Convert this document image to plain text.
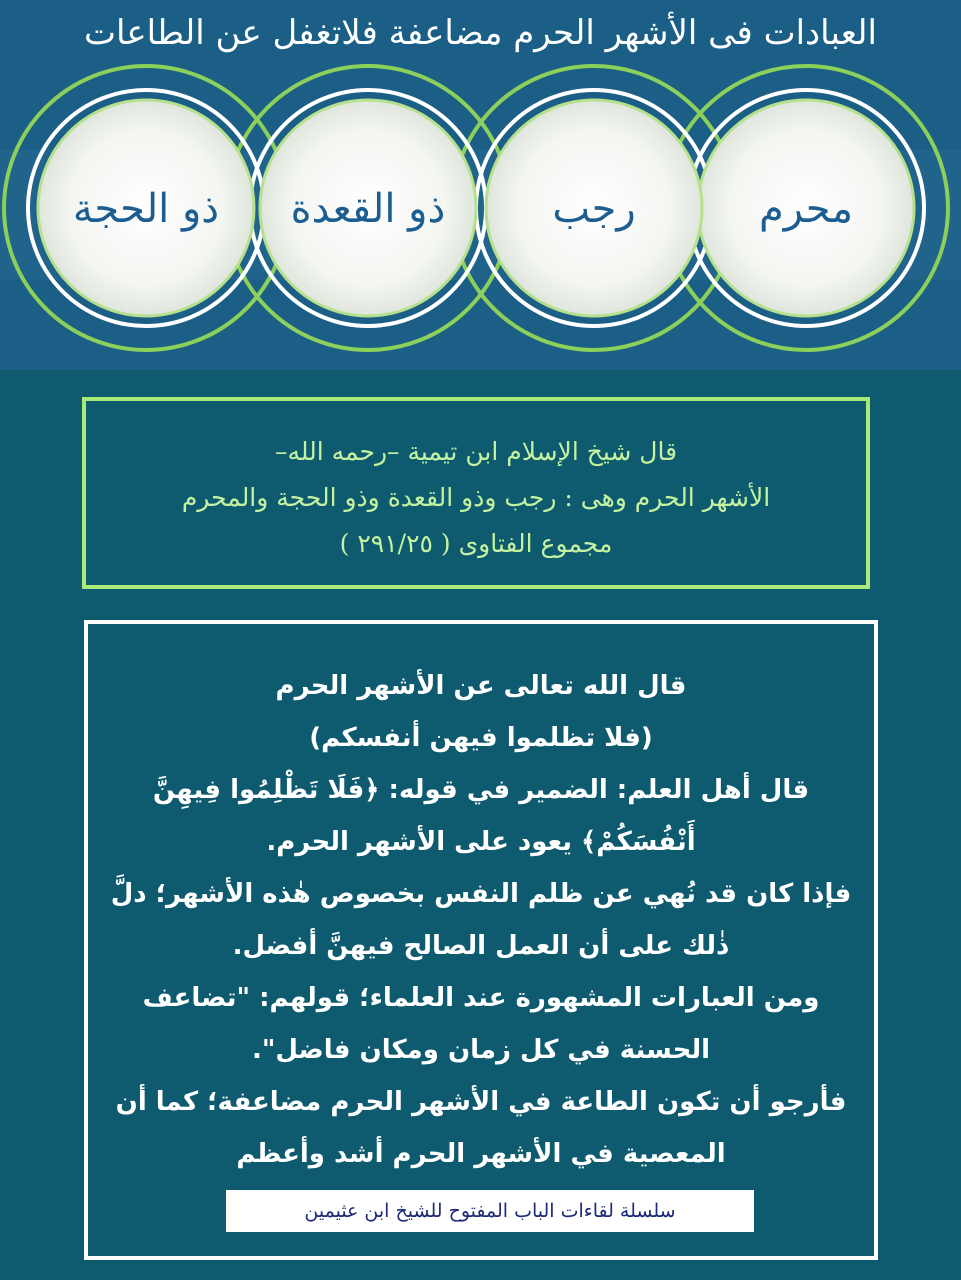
محرم
رجب
ذو القعدة
ذو الحجة
العبادات فى الأشهر الحرم مضاعفة فلاتغفل عن الطاعات
قال شيخ الإسلام ابن تيمية –رحمه الله–
الأشهر الحرم وهى : رجب وذو القعدة وذو الحجة والمحرم
مجموع الفتاوى ( ٢٩١/٢٥ )
قال الله تعالى عن الأشهر الحرم
(فلا تظلموا فيهن أنفسكم)
قال أهل العلم: الضمير في قوله: ﴿فَلَا تَظْلِمُوا فِيهِنَّ
أَنْفُسَكُمْ﴾ يعود على الأشهر الحرم.
فإذا كان قد نُهي عن ظلم النفس بخصوص هٰذه الأشهر؛ دلَّ
ذٰلك على أن العمل الصالح فيهنَّ أفضل.
ومن العبارات المشهورة عند العلماء؛ قولهم: "تضاعف
الحسنة في كل زمان ومكان فاضل".
فأرجو أن تكون الطاعة في الأشهر الحرم مضاعفة؛ كما أن
المعصية في الأشهر الحرم أشد وأعظم
سلسلة لقاءات الباب المفتوح للشيخ ابن عثيمين
